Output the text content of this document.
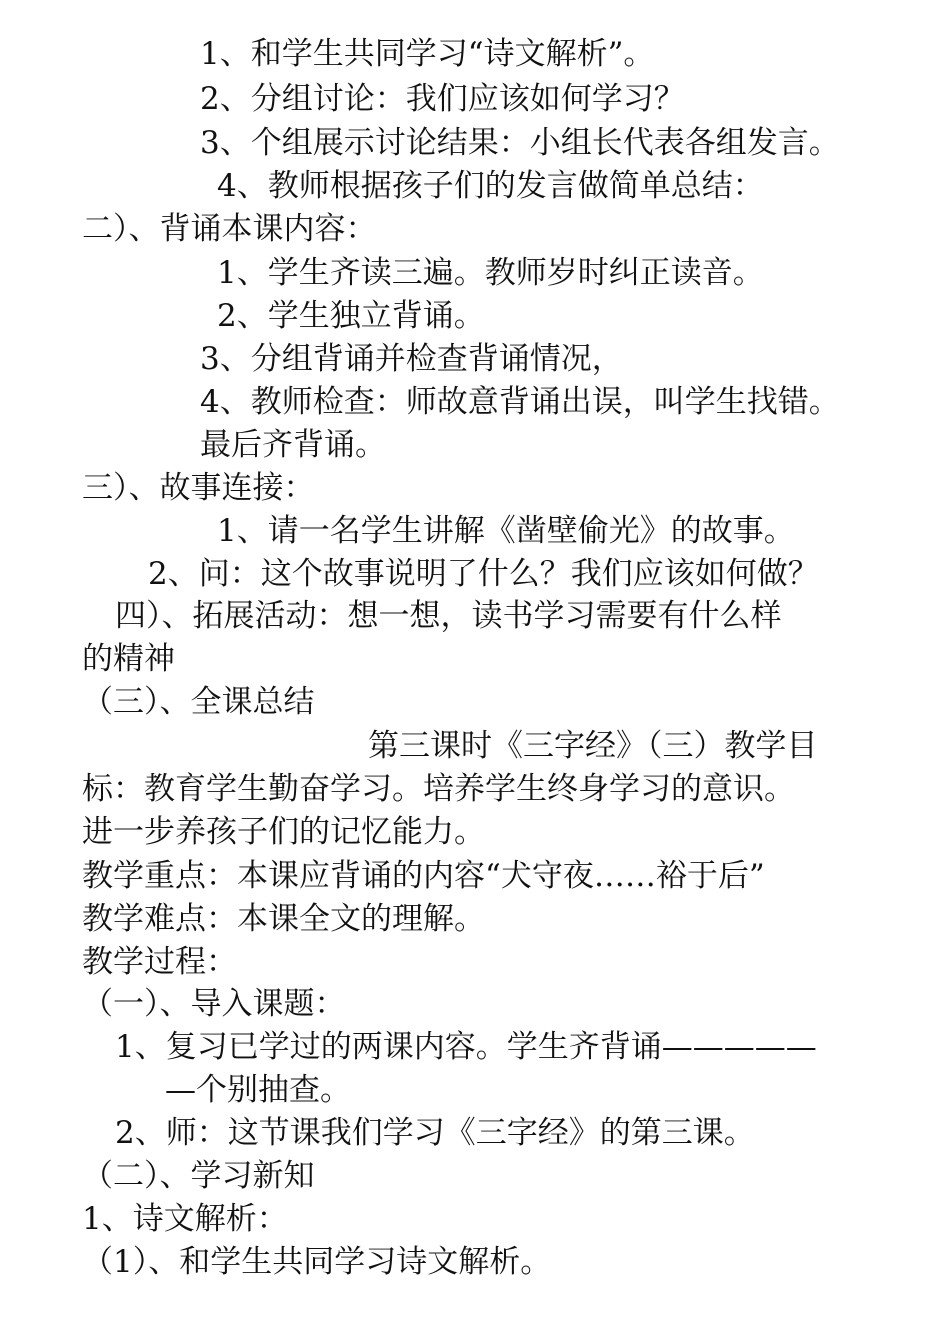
1、和学生共同学习“诗文解析”。
2、分组讨论：我们应该如何学习？
3、个组展示讨论结果：小组长代表各组发言。
4、教师根据孩子们的发言做简单总结：
二）、背诵本课内容：
1、学生齐读三遍。教师岁时纠正读音。
2、学生独立背诵。
3、分组背诵并检查背诵情况，
4、教师检查：师故意背诵出误，叫学生找错。
最后齐背诵。
三）、故事连接：
1、请一名学生讲解《凿壁偷光》的故事。
2、问：这个故事说明了什么？我们应该如何做？
四）、拓展活动：想一想，读书学习需要有什么样
的精神
（三）、全课总结
第三课时《三字经》（三）教学目
标：教育学生勤奋学习。培养学生终身学习的意识。
进一步养孩子们的记忆能力。
教学重点：本课应背诵的内容“犬守夜……裕于后”
教学难点：本课全文的理解。
教学过程：
（一）、导入课题：
1、复习已学过的两课内容。学生齐背诵—————
—个别抽查。
2、师：这节课我们学习《三字经》的第三课。
（二）、学习新知
1、诗文解析：
（1）、和学生共同学习诗文解析。
